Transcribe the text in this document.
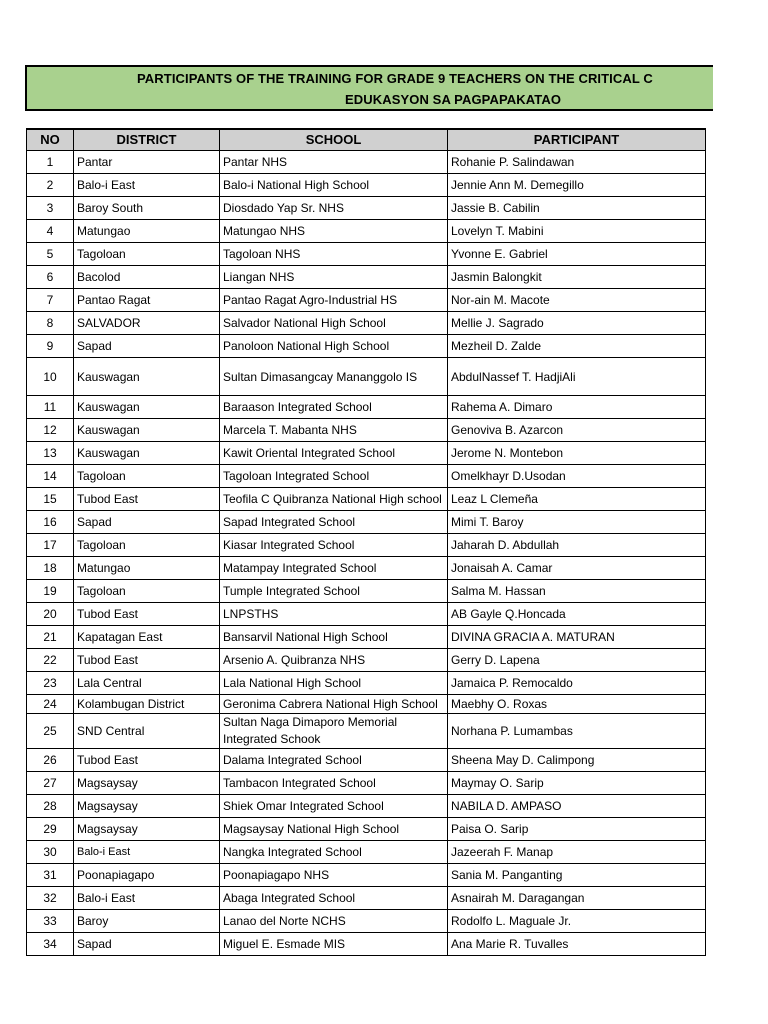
PARTICIPANTS OF THE TRAINING FOR GRADE 9 TEACHERS ON THE CRITICAL C
EDUKASYON SA PAGPAPAKATAO
NO	DISTRICT	SCHOOL	PARTICIPANT
1	Pantar	Pantar NHS	Rohanie P. Salindawan
2	Balo-i East	Balo-i National High School	Jennie Ann M. Demegillo
3	Baroy South	Diosdado Yap Sr. NHS	Jassie B. Cabilin
4	Matungao	Matungao NHS	Lovelyn T. Mabini
5	Tagoloan	Tagoloan NHS	Yvonne E. Gabriel
6	Bacolod	Liangan NHS	Jasmin Balongkit
7	Pantao Ragat	Pantao Ragat Agro-Industrial HS	Nor-ain M. Macote
8	SALVADOR	Salvador National High School	Mellie J. Sagrado
9	Sapad	Panoloon National High School	Mezheil D. Zalde
10	Kauswagan	Sultan Dimasangcay Mananggolo IS	AbdulNassef T. HadjiAli
11	Kauswagan	Baraason Integrated School	Rahema A. Dimaro
12	Kauswagan	Marcela T. Mabanta NHS	Genoviva B. Azarcon
13	Kauswagan	Kawit Oriental Integrated School	Jerome N. Montebon
14	Tagoloan	Tagoloan Integrated School	Omelkhayr D.Usodan
15	Tubod East	Teofila C Quibranza National High school	Leaz L Clemeña
16	Sapad	Sapad Integrated School	Mimi T. Baroy
17	Tagoloan	Kiasar Integrated School	Jaharah D. Abdullah
18	Matungao	Matampay Integrated School	Jonaisah A. Camar
19	Tagoloan	Tumple Integrated School	Salma M. Hassan
20	Tubod East	LNPSTHS	AB Gayle Q.Honcada
21	Kapatagan East	Bansarvil National High School	DIVINA GRACIA A. MATURAN
22	Tubod East	Arsenio A. Quibranza NHS	Gerry D. Lapena
23	Lala Central	Lala National High School	Jamaica P. Remocaldo
24	Kolambugan District	Geronima Cabrera National High School	Maebhy O. Roxas
25	SND Central	Sultan Naga Dimaporo Memorial Integrated Schook	Norhana P. Lumambas
26	Tubod East	Dalama Integrated School	Sheena May D. Calimpong
27	Magsaysay	Tambacon Integrated School	Maymay O. Sarip
28	Magsaysay	Shiek Omar Integrated School	NABILA D. AMPASO
29	Magsaysay	Magsaysay National High School	Paisa O. Sarip
30	Balo-i East	Nangka Integrated School	Jazeerah F. Manap
31	Poonapiagapo	Poonapiagapo NHS	Sania M. Panganting
32	Balo-i East	Abaga Integrated School	Asnairah M. Daragangan
33	Baroy	Lanao del Norte NCHS	Rodolfo L. Maguale Jr.
34	Sapad	Miguel E. Esmade MIS	Ana Marie R. Tuvalles
